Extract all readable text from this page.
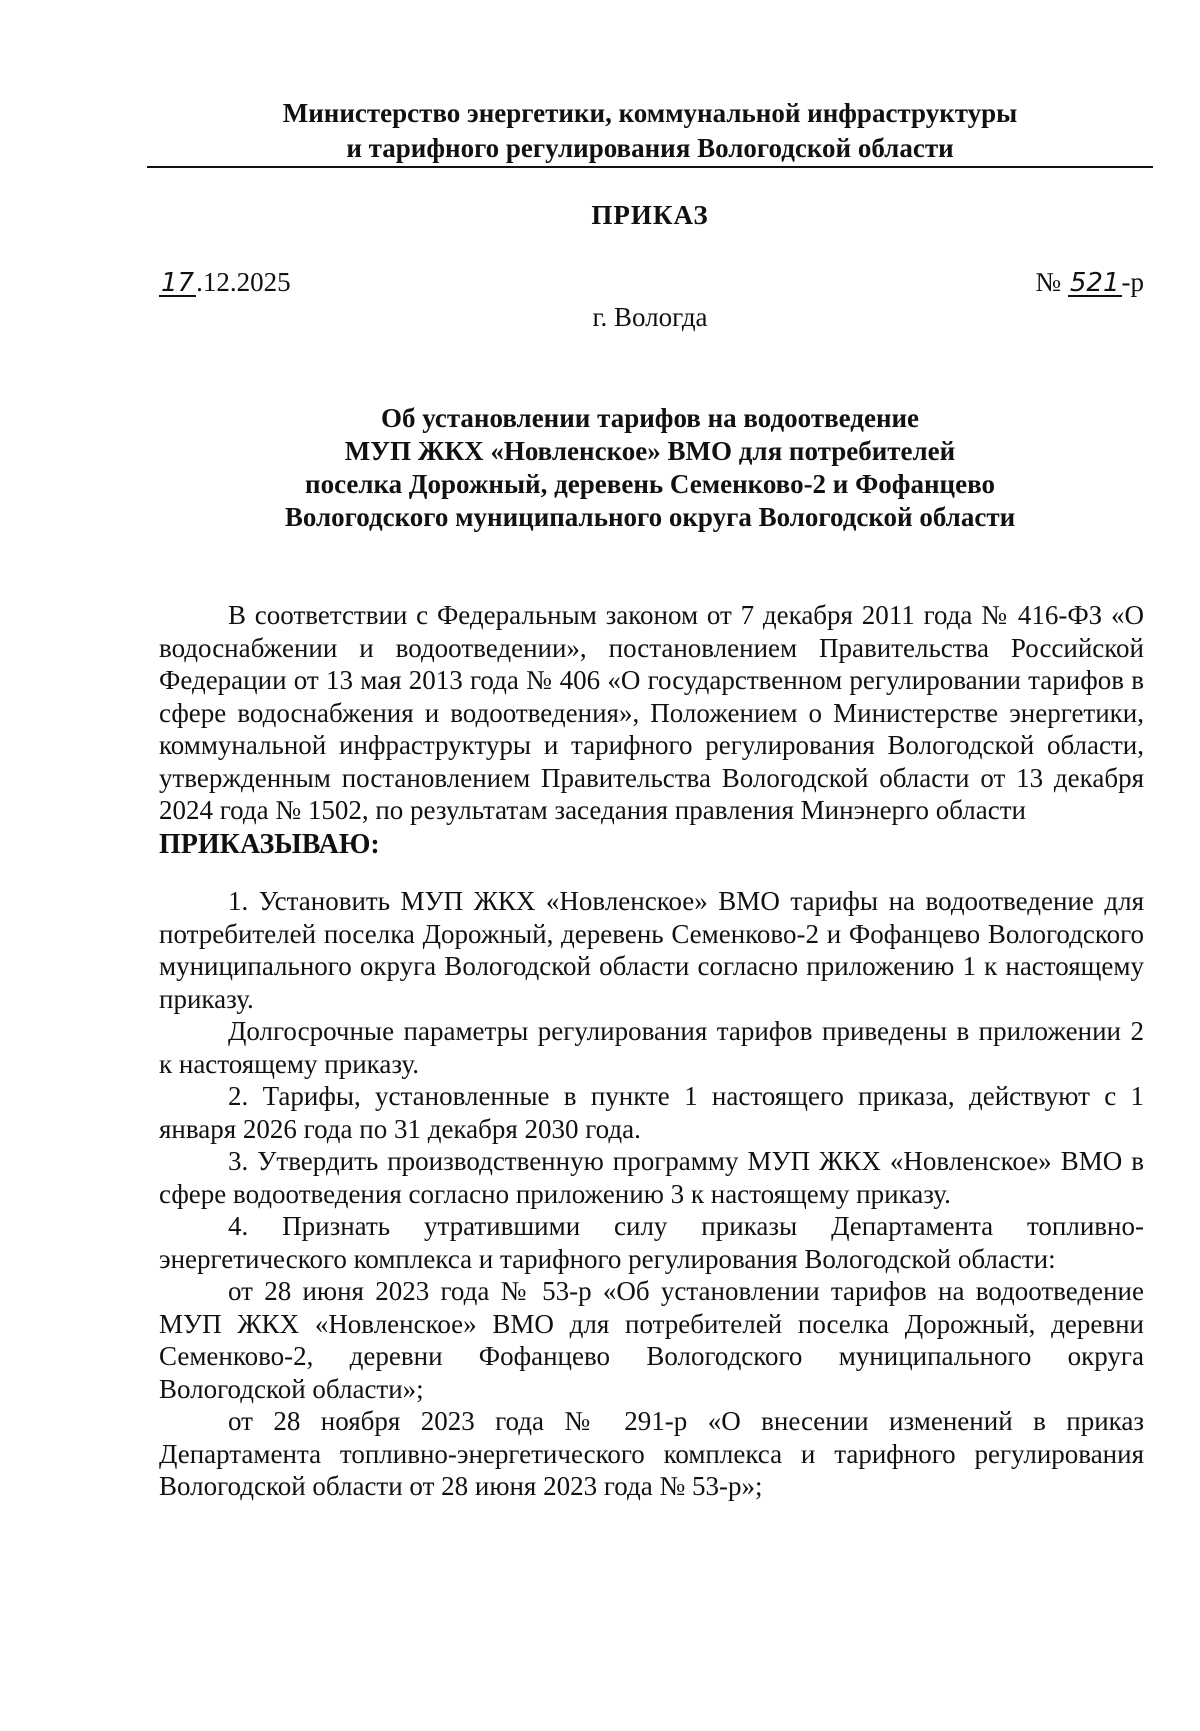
Министерство энергетики, коммунальной инфраструктуры
и тарифного регулирования Вологодской области
ПРИКАЗ
17.12.2025	№ 521-р
г. Вологда
Об установлении тарифов на водоотведение
МУП ЖКХ «Новленское» ВМО для потребителей
поселка Дорожный, деревень Семенково-2 и Фофанцево
Вологодского муниципального округа Вологодской области

В соответствии с Федеральным законом от 7 декабря 2011 года № 416-ФЗ «О водоснабжении и водоотведении», постановлением Правительства Российской Федерации от 13 мая 2013 года № 406 «О государственном регулировании тарифов в сфере водоснабжения и водоотведения», Положением о Министерстве энергетики, коммунальной инфраструктуры и тарифного регулирования Вологодской области, утвержденным постановлением Правительства Вологодской области от 13 декабря 2024 года № 1502, по результатам заседания правления Минэнерго области

ПРИКАЗЫВАЮ:

1. Установить МУП ЖКХ «Новленское» ВМО тарифы на водоотведение для потребителей поселка Дорожный, деревень Семенково-2 и Фофанцево Вологодского муниципального округа Вологодской области согласно приложению 1 к настоящему приказу.

Долгосрочные параметры регулирования тарифов приведены в приложении 2 к настоящему приказу.

2. Тарифы, установленные в пункте 1 настоящего приказа, действуют с 1 января 2026 года по 31 декабря 2030 года.

3. Утвердить производственную программу МУП ЖКХ «Новленское» ВМО в сфере водоотведения согласно приложению 3 к настоящему приказу.

4. Признать утратившими силу приказы Департамента топливно-энергетического комплекса и тарифного регулирования Вологодской области:

от 28 июня 2023 года № 53-р «Об установлении тарифов на водоотведение МУП ЖКХ «Новленское» ВМО для потребителей поселка Дорожный, деревни Семенково-2, деревни Фофанцево Вологодского муниципального округа Вологодской области»;

от 28 ноября 2023 года № 291-р «О внесении изменений в приказ Департамента топливно-энергетического комплекса и тарифного регулирования Вологодской области от 28 июня 2023 года № 53-р»;
